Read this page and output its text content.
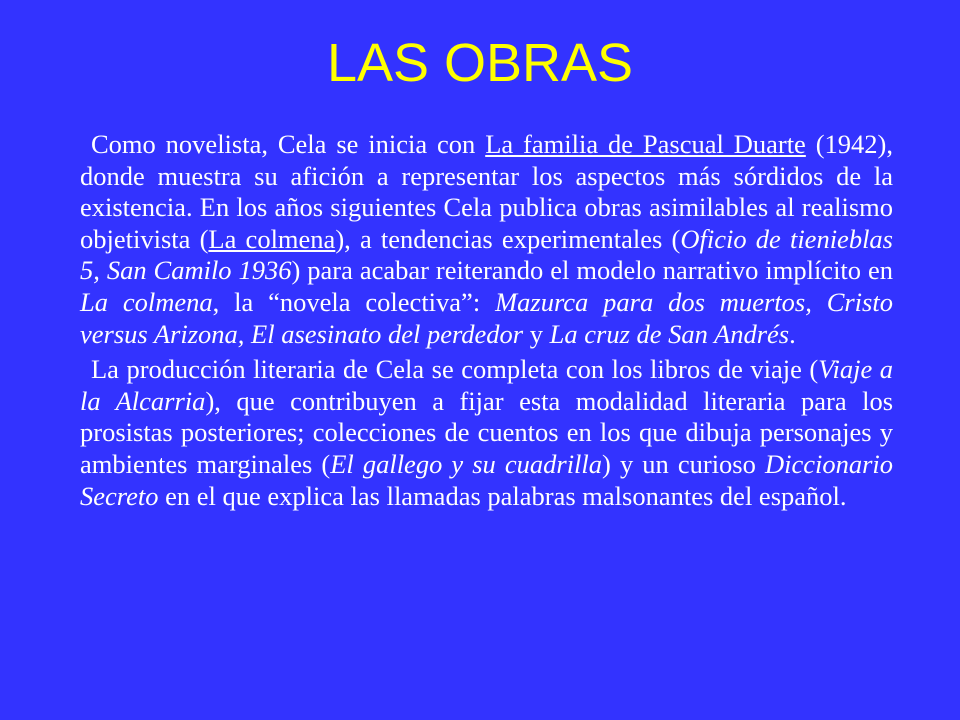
LAS OBRAS

Como novelista, Cela se inicia con La familia de Pascual Duarte (1942), donde muestra su afición a representar los aspectos más sórdidos de la existencia. En los años siguientes Cela publica obras asimilables al realismo objetivista (La colmena), a tendencias experimentales (Oficio de tienieblas 5, San Camilo 1936) para acabar reiterando el modelo narrativo implícito en La colmena, la “novela colectiva”: Mazurca para dos muertos, Cristo versus Arizona, El asesinato del perdedor y La cruz de San Andrés.

La producción literaria de Cela se completa con los libros de viaje (Viaje a la Alcarria), que contribuyen a fijar esta modalidad literaria para los prosistas posteriores; colecciones de cuentos en los que dibuja personajes y ambientes marginales (El gallego y su cuadrilla) y un curioso Diccionario Secreto en el que explica las llamadas palabras malsonantes del español.
